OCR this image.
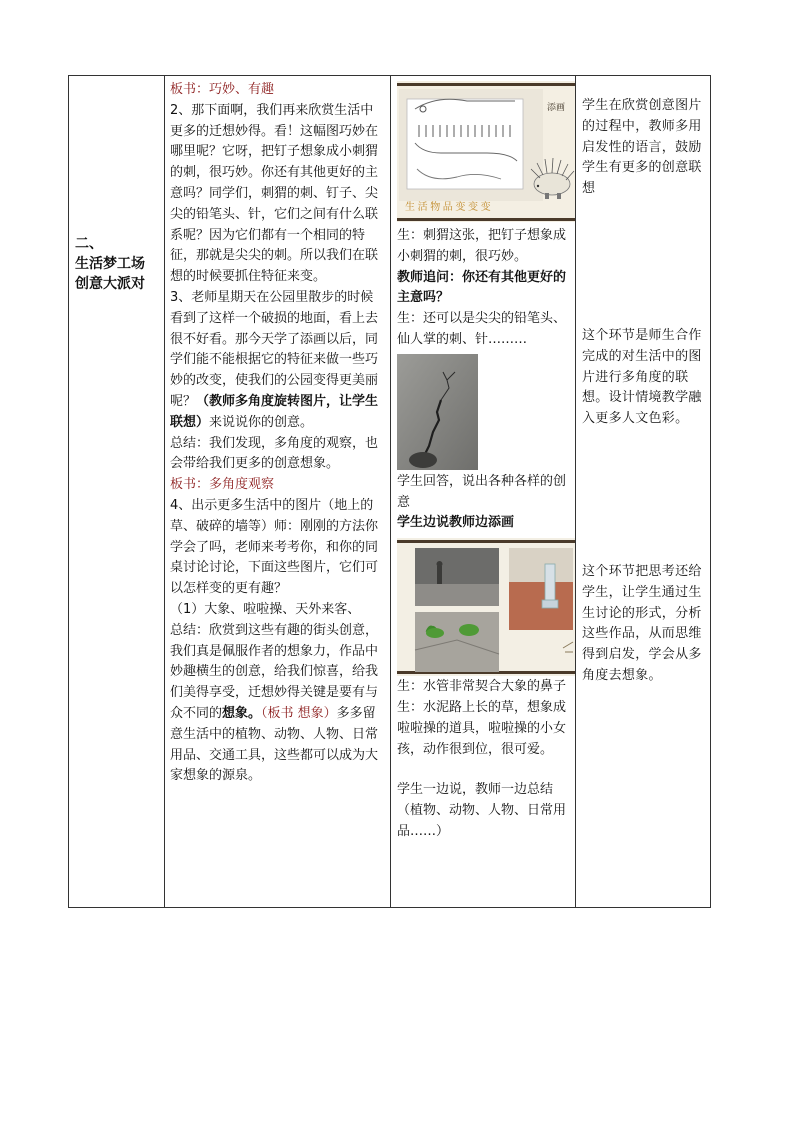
二、
生活梦工场
创意大派对

板书：巧妙、有趣

2、那下面啊，我们再来欣赏生活中更多的迁想妙得。看！这幅图巧妙在哪里呢？它呀，把钉子想象成小刺猬的刺，很巧妙。你还有其他更好的主意吗？同学们，刺猬的刺、钉子、尖尖的铅笔头、针，它们之间有什么联系呢？因为它们都有一个相同的特征，那就是尖尖的刺。所以我们在联想的时候要抓住特征来变。

3、老师星期天在公园里散步的时候看到了这样一个破损的地面，看上去很不好看。那今天学了添画以后，同学们能不能根据它的特征来做一些巧妙的改变，使我们的公园变得更美丽呢？（教师多角度旋转图片，让学生联想）来说说你的创意。

总结：我们发现，多角度的观察，也会带给我们更多的创意想象。

板书：多角度观察

4、出示更多生活中的图片（地上的草、破碎的墙等）师：刚刚的方法你学会了吗，老师来考考你，和你的同桌讨论讨论，下面这些图片，它们可以怎样变的更有趣？

（1）大象、啦啦操、天外来客、

总结：欣赏到这些有趣的街头创意，我们真是佩服作者的想象力，作品中妙趣横生的创意，给我们惊喜，给我们美得享受，迁想妙得关键是要有与众不同的想象。（板书 想象）多多留意生活中的植物、动物、人物、日常用品、交通工具，这些都可以成为大家想象的源泉。

添画
生活物品变变变

生：刺猬这张，把钉子想象成小刺猬的刺，很巧妙。

教师追问：你还有其他更好的主意吗？

生：还可以是尖尖的铅笔头、仙人掌的刺、针………

学生回答，说出各种各样的创意

学生边说教师边添画

生：水管非常契合大象的鼻子

生：水泥路上长的草，想象成啦啦操的道具，啦啦操的小女孩，动作很到位，很可爱。

学生一边说，教师一边总结（植物、动物、人物、日常用品……）

学生在欣赏创意图片的过程中，教师多用启发性的语言，鼓励学生有更多的创意联想

这个环节是师生合作完成的对生活中的图片进行多角度的联想。设计情境教学融入更多人文色彩。

这个环节把思考还给学生，让学生通过生生讨论的形式，分析这些作品，从而思维得到启发，学会从多角度去想象。
